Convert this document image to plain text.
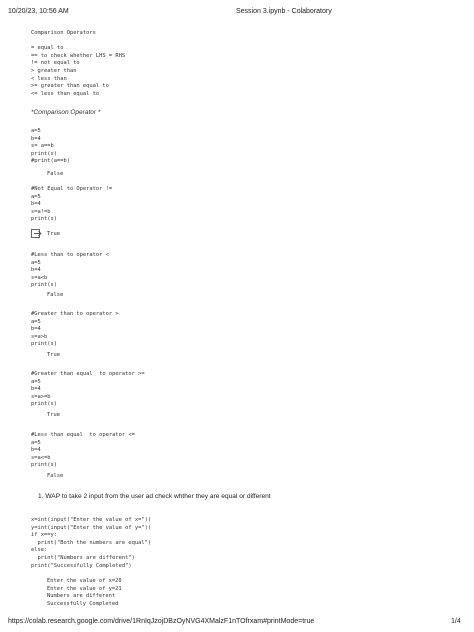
10/20/23, 10:56 AM	Session 3.ipynb - Colaboratory
Comparison Operators

= equal to
== to check whether LHS = RHS
!= not equal to
> greater than
< less than
>= greater than equal to
<= less than equal to
*Comparison Operator *
a=5
b=4
s= a==b
print(s)
#print(a==b)
False
#Not Equal to Operator !=
a=5
b=4
s=a!=b
print(s)
True
#Less than to operator <
a=5
b=4
s=a<b
print(s)
False
#Greater than to operator >
a=5
b=4
s=a>b
print(s)
True
#Greater than equal  to operator >=
a=5
b=4
s=a>=b
print(s)
True
#Less than equal  to operator <=
a=5
b=4
s=a<=b
print(s)
False
1. WAP to take 2 input from the user ad check whther they are equal or different
x=int(input("Enter the value of x="))
y=int(input("Enter the value of y="))
if x==y:
print("Both the numbers are equal")
else:
print("Numbers are different")
print("Successfully Completed")
Enter the value of x=20
Enter the value of y=21
Numbers are different
Successfully Completed
https://colab.research.google.com/drive/1RnIqJzojDBzOyNVG4XMalzF1nTOfrxam#printMode=true	1/4
